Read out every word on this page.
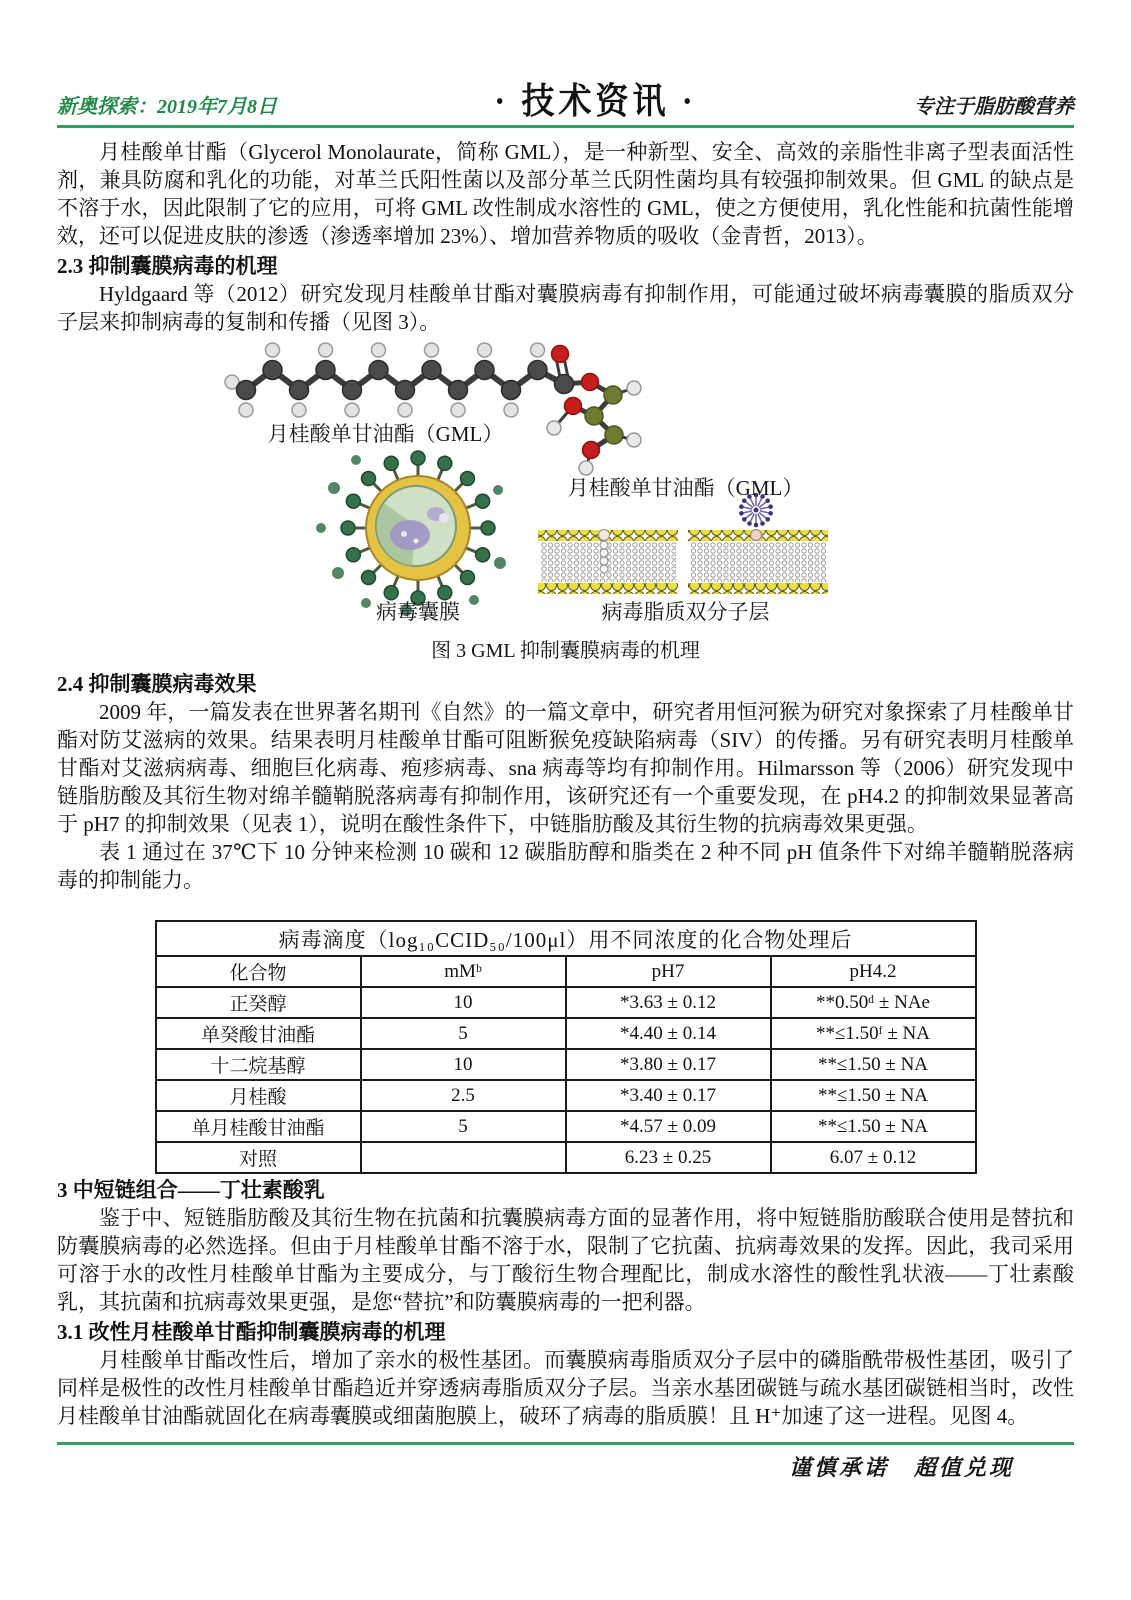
新奥探索：2019年7月8日	· 技术资讯 ·	专注于脂肪酸营养

月桂酸单甘酯（Glycerol Monolaurate，简称 GML），是一种新型、安全、高效的亲脂性非离子型表面活性剂，兼具防腐和乳化的功能，对革兰氏阳性菌以及部分革兰氏阴性菌均具有较强抑制效果。但 GML 的缺点是不溶于水，因此限制了它的应用，可将 GML 改性制成水溶性的 GML，使之方便使用，乳化性能和抗菌性能增效，还可以促进皮肤的渗透（渗透率增加 23%）、增加营养物质的吸收（金青哲，2013）。

2.3 抑制囊膜病毒的机理

Hyldgaard 等（2012）研究发现月桂酸单甘酯对囊膜病毒有抑制作用，可能通过破坏病毒囊膜的脂质双分子层来抑制病毒的复制和传播（见图 3）。

月桂酸单甘油酯（GML）
月桂酸单甘油酯（GML）
病毒囊膜	病毒脂质双分子层
图 3 GML 抑制囊膜病毒的机理
2.4 抑制囊膜病毒效果

2009 年，一篇发表在世界著名期刊《自然》的一篇文章中，研究者用恒河猴为研究对象探索了月桂酸单甘酯对防艾滋病的效果。结果表明月桂酸单甘酯可阻断猴免疫缺陷病毒（SIV）的传播。另有研究表明月桂酸单甘酯对艾滋病病毒、细胞巨化病毒、疱疹病毒、sna 病毒等均有抑制作用。Hilmarsson 等（2006）研究发现中链脂肪酸及其衍生物对绵羊髓鞘脱落病毒有抑制作用，该研究还有一个重要发现，在 pH4.2 的抑制效果显著高于 pH7 的抑制效果（见表 1），说明在酸性条件下，中链脂肪酸及其衍生物的抗病毒效果更强。

表 1 通过在 37℃下 10 分钟来检测 10 碳和 12 碳脂肪醇和脂类在 2 种不同 pH 值条件下对绵羊髓鞘脱落病毒的抑制能力。

病毒滴度（log₁₀CCID₅₀/100μl）用不同浓度的化合物处理后			
化合物	mMᵇ	pH7	pH4.2
正癸醇	10	*3.63 ± 0.12	**0.50ᵈ ± NAe
单癸酸甘油酯	5	*4.40 ± 0.14	**≤1.50ᶠ ± NA
十二烷基醇	10	*3.80 ± 0.17	**≤1.50 ± NA
月桂酸	2.5	*3.40 ± 0.17	**≤1.50 ± NA
单月桂酸甘油酯	5	*4.57 ± 0.09	**≤1.50 ± NA
对照		6.23 ± 0.25	6.07 ± 0.12
3 中短链组合——丁壮素酸乳

鉴于中、短链脂肪酸及其衍生物在抗菌和抗囊膜病毒方面的显著作用，将中短链脂肪酸联合使用是替抗和防囊膜病毒的必然选择。但由于月桂酸单甘酯不溶于水，限制了它抗菌、抗病毒效果的发挥。因此，我司采用可溶于水的改性月桂酸单甘酯为主要成分，与丁酸衍生物合理配比，制成水溶性的酸性乳状液——丁壮素酸乳，其抗菌和抗病毒效果更强，是您“替抗”和防囊膜病毒的一把利器。

3.1 改性月桂酸单甘酯抑制囊膜病毒的机理

月桂酸单甘酯改性后，增加了亲水的极性基团。而囊膜病毒脂质双分子层中的磷脂酰带极性基团，吸引了同样是极性的改性月桂酸单甘酯趋近并穿透病毒脂质双分子层。当亲水基团碳链与疏水基团碳链相当时，改性月桂酸单甘油酯就固化在病毒囊膜或细菌胞膜上，破环了病毒的脂质膜！且 H⁺加速了这一进程。见图 4。

谨慎承诺　超值兑现
